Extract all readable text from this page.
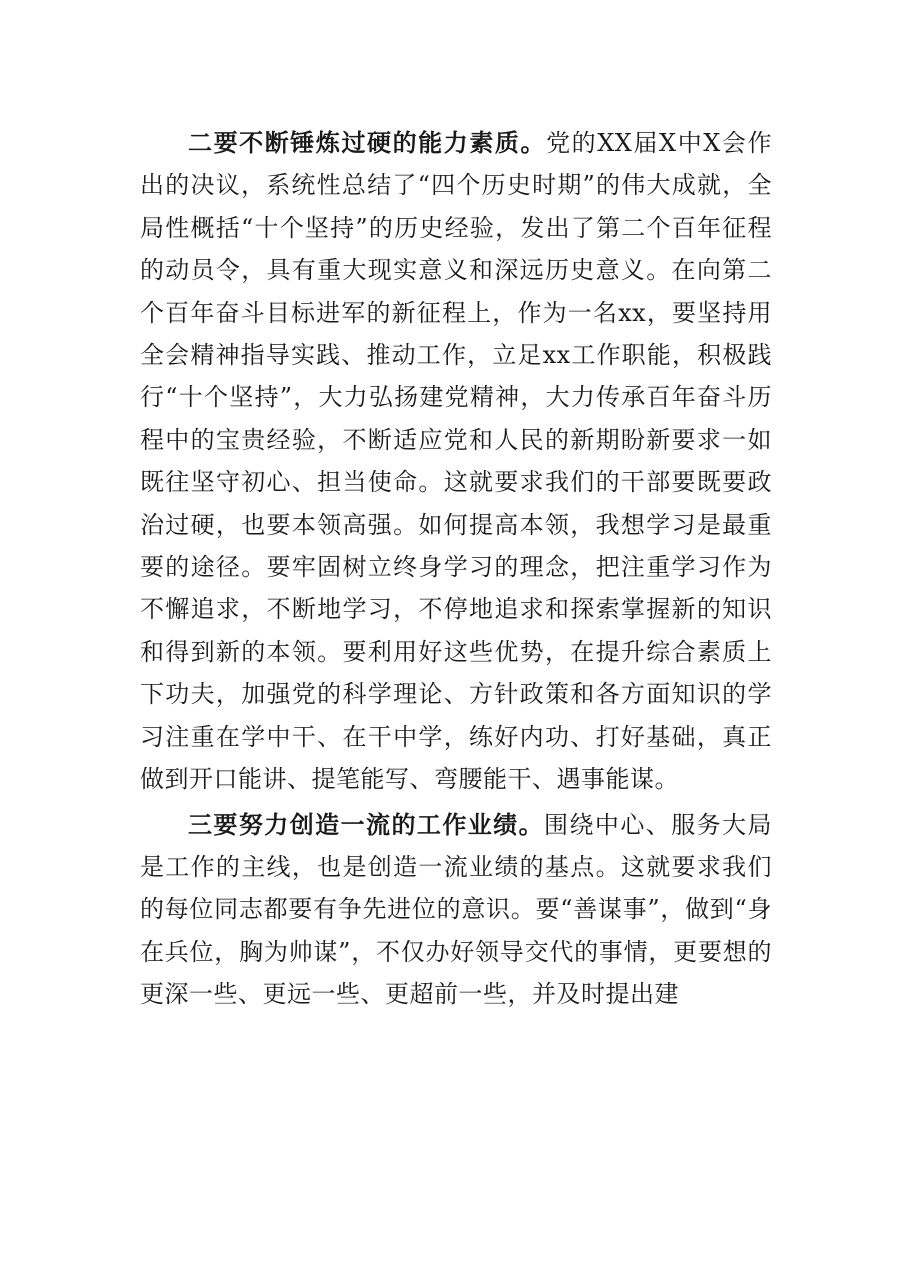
二要不断锤炼过硬的能力素质。党的XX届X中X会作出的决议，系统性总结了“四个历史时期”的伟大成就，全局性概括“十个坚持”的历史经验，发出了第二个百年征程的动员令，具有重大现实意义和深远历史意义。在向第二个百年奋斗目标进军的新征程上，作为一名xx，要坚持用全会精神指导实践、推动工作，立足xx工作职能，积极践行“十个坚持”，大力弘扬建党精神，大力传承百年奋斗历程中的宝贵经验，不断适应党和人民的新期盼新要求一如既往坚守初心、担当使命。这就要求我们的干部要既要政治过硬，也要本领高强。如何提高本领，我想学习是最重要的途径。要牢固树立终身学习的理念，把注重学习作为不懈追求，不断地学习，不停地追求和探索掌握新的知识和得到新的本领。要利用好这些优势，在提升综合素质上下功夫，加强党的科学理论、方针政策和各方面知识的学习注重在学中干、在干中学，练好内功、打好基础，真正做到开口能讲、提笔能写、弯腰能干、遇事能谋。

三要努力创造一流的工作业绩。围绕中心、服务大局是工作的主线，也是创造一流业绩的基点。这就要求我们的每位同志都要有争先进位的意识。要“善谋事”，做到“身在兵位，胸为帅谋”，不仅办好领导交代的事情，更要想的更深一些、更远一些、更超前一些，并及时提出建
